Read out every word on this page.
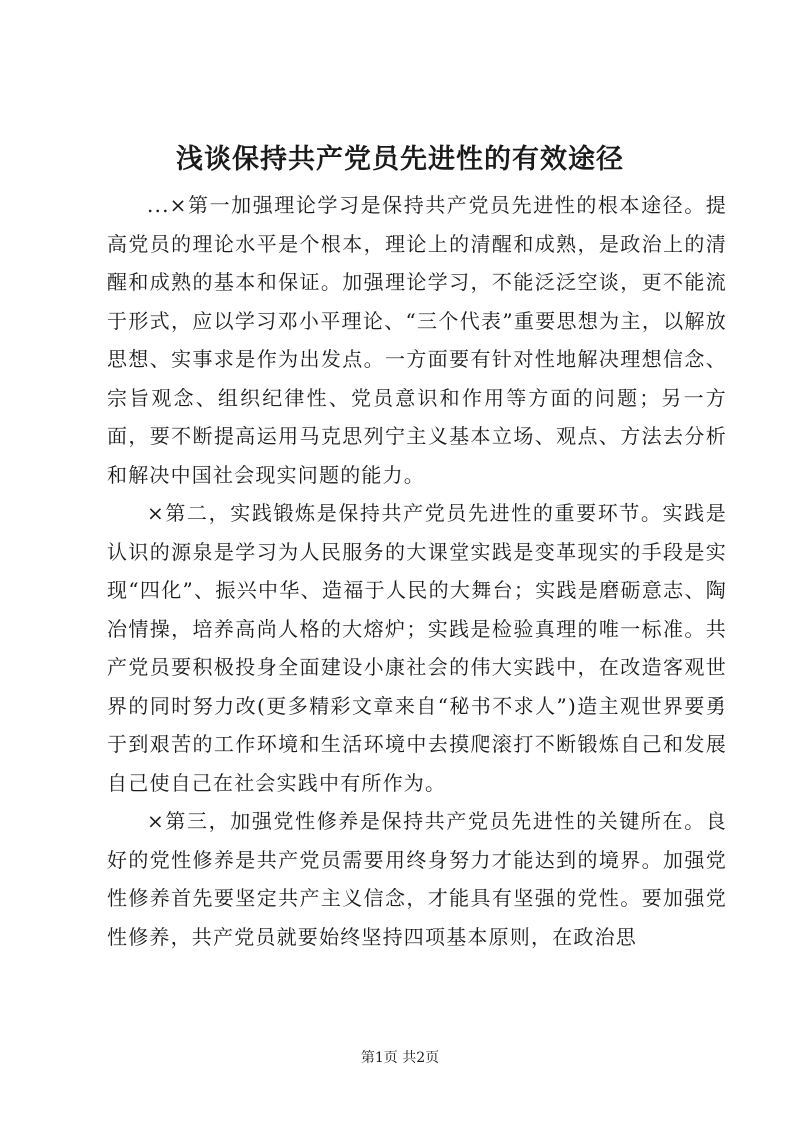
浅谈保持共产党员先进性的有效途径

...×第一加强理论学习是保持共产党员先进性的根本途径。提高党员的理论水平是个根本，理论上的清醒和成熟，是政治上的清醒和成熟的基本和保证。加强理论学习，不能泛泛空谈，更不能流于形式，应以学习邓小平理论、“三个代表”重要思想为主，以解放思想、实事求是作为出发点。一方面要有针对性地解决理想信念、宗旨观念、组织纪律性、党员意识和作用等方面的问题；另一方面，要不断提高运用马克思列宁主义基本立场、观点、方法去分析和解决中国社会现实问题的能力。

×第二，实践锻炼是保持共产党员先进性的重要环节。实践是认识的源泉是学习为人民服务的大课堂实践是变革现实的手段是实现“四化”、振兴中华、造福于人民的大舞台；实践是磨砺意志、陶冶情操，培养高尚人格的大熔炉；实践是检验真理的唯一标准。共产党员要积极投身全面建设小康社会的伟大实践中，在改造客观世界的同时努力改(更多精彩文章来自“秘书不求人”)造主观世界要勇于到艰苦的工作环境和生活环境中去摸爬滚打不断锻炼自己和发展自己使自己在社会实践中有所作为。

×第三，加强党性修养是保持共产党员先进性的关键所在。良好的党性修养是共产党员需要用终身努力才能达到的境界。加强党性修养首先要坚定共产主义信念，才能具有坚强的党性。要加强党性修养，共产党员就要始终坚持四项基本原则，在政治思

第1页 共2页
